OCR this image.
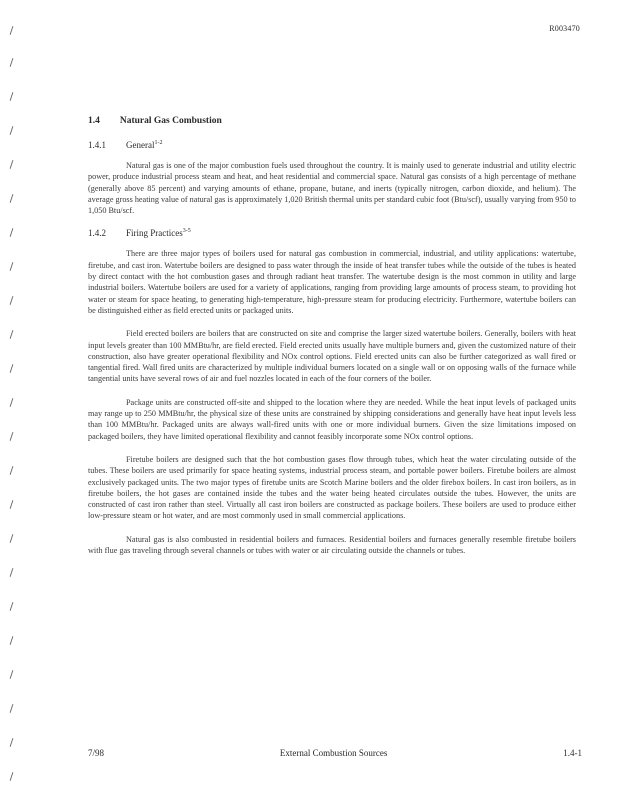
R003470
1.4 Natural Gas Combustion
1.4.1 General$^{1-2}$

Natural gas is one of the major combustion fuels used throughout the country. It is mainly used to generate industrial and utility electric power, produce industrial process steam and heat, and heat residential and commercial space. Natural gas consists of a high percentage of methane (generally above 85 percent) and varying amounts of ethane, propane, butane, and inerts (typically nitrogen, carbon dioxide, and helium). The average gross heating value of natural gas is approximately 1,020 British thermal units per standard cubic foot (Btu/scf), usually varying from 950 to 1,050 Btu/scf.

1.4.2 Firing Practices$^{3-5}$

There are three major types of boilers used for natural gas combustion in commercial, industrial, and utility applications: watertube, firetube, and cast iron. Watertube boilers are designed to pass water through the inside of heat transfer tubes while the outside of the tubes is heated by direct contact with the hot combustion gases and through radiant heat transfer. The watertube design is the most common in utility and large industrial boilers. Watertube boilers are used for a variety of applications, ranging from providing large amounts of process steam, to providing hot water or steam for space heating, to generating high-temperature, high-pressure steam for producing electricity. Furthermore, watertube boilers can be distinguished either as field erected units or packaged units.

Field erected boilers are boilers that are constructed on site and comprise the larger sized watertube boilers. Generally, boilers with heat input levels greater than 100 MMBtu/hr, are field erected. Field erected units usually have multiple burners and, given the customized nature of their construction, also have greater operational flexibility and NOx control options. Field erected units can also be further categorized as wall fired or tangential fired. Wall fired units are characterized by multiple individual burners located on a single wall or on opposing walls of the furnace while tangential units have several rows of air and fuel nozzles located in each of the four corners of the boiler.

Package units are constructed off-site and shipped to the location where they are needed. While the heat input levels of packaged units may range up to 250 MMBtu/hr, the physical size of these units are constrained by shipping considerations and generally have heat input levels less than 100 MMBtu/hr. Packaged units are always wall-fired units with one or more individual burners. Given the size limitations imposed on packaged boilers, they have limited operational flexibility and cannot feasibly incorporate some NOx control options.

Firetube boilers are designed such that the hot combustion gases flow through tubes, which heat the water circulating outside of the tubes. These boilers are used primarily for space heating systems, industrial process steam, and portable power boilers. Firetube boilers are almost exclusively packaged units. The two major types of firetube units are Scotch Marine boilers and the older firebox boilers. In cast iron boilers, as in firetube boilers, the hot gases are contained inside the tubes and the water being heated circulates outside the tubes. However, the units are constructed of cast iron rather than steel. Virtually all cast iron boilers are constructed as package boilers. These boilers are used to produce either low-pressure steam or hot water, and are most commonly used in small commercial applications.

Natural gas is also combusted in residential boilers and furnaces. Residential boilers and furnaces generally resemble firetube boilers with flue gas traveling through several channels or tubes with water or air circulating outside the channels or tubes.

7/98	External Combustion Sources	1.4-1
